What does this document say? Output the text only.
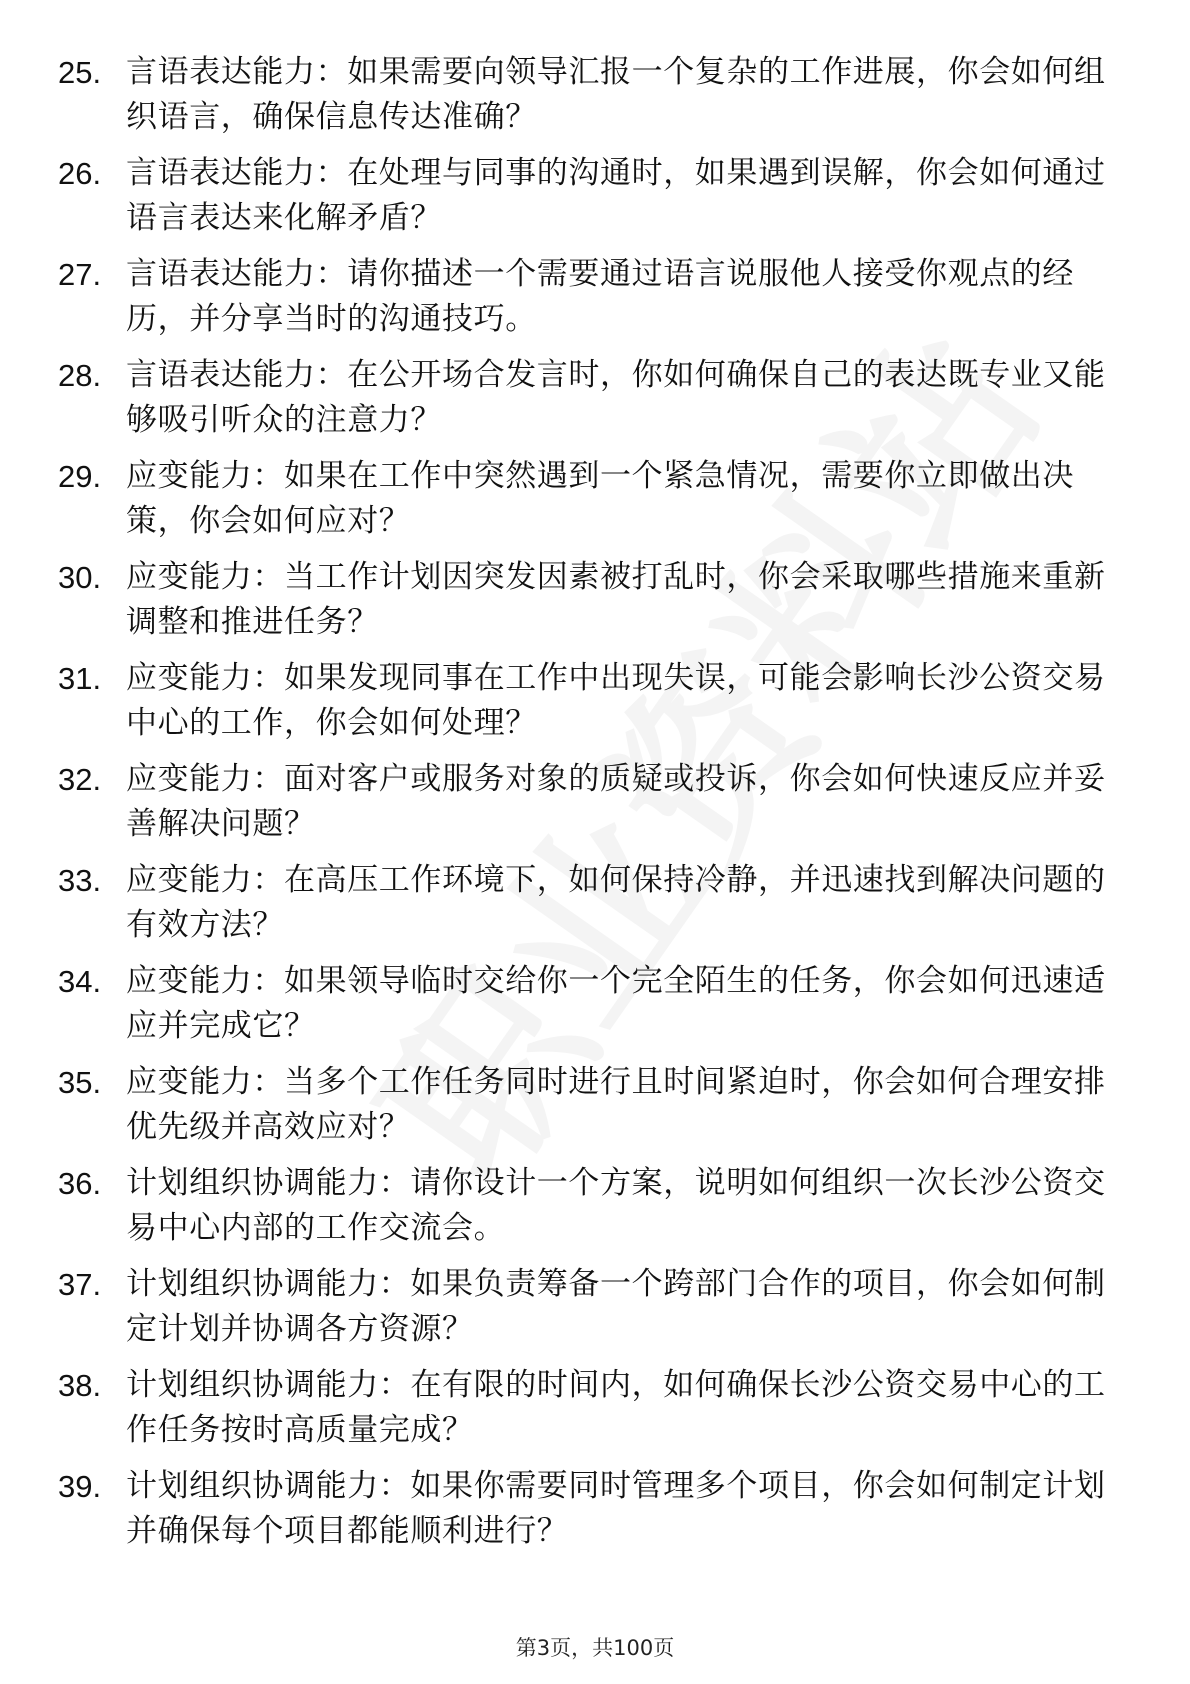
25. 言语表达能力：如果需要向领导汇报一个复杂的工作进展，你会如何组织语言，确保信息传达准确？
26. 言语表达能力：在处理与同事的沟通时，如果遇到误解，你会如何通过语言表达来化解矛盾？
27. 言语表达能力：请你描述一个需要通过语言说服他人接受你观点的经历，并分享当时的沟通技巧。
28. 言语表达能力：在公开场合发言时，你如何确保自己的表达既专业又能够吸引听众的注意力？
29. 应变能力：如果在工作中突然遇到一个紧急情况，需要你立即做出决策，你会如何应对？
30. 应变能力：当工作计划因突发因素被打乱时，你会采取哪些措施来重新调整和推进任务？
31. 应变能力：如果发现同事在工作中出现失误，可能会影响长沙公资交易中心的工作，你会如何处理？
32. 应变能力：面对客户或服务对象的质疑或投诉，你会如何快速反应并妥善解决问题？
33. 应变能力：在高压工作环境下，如何保持冷静，并迅速找到解决问题的有效方法？
34. 应变能力：如果领导临时交给你一个完全陌生的任务，你会如何迅速适应并完成它？
35. 应变能力：当多个工作任务同时进行且时间紧迫时，你会如何合理安排优先级并高效应对？
36. 计划组织协调能力：请你设计一个方案，说明如何组织一次长沙公资交易中心内部的工作交流会。
37. 计划组织协调能力：如果负责筹备一个跨部门合作的项目，你会如何制定计划并协调各方资源？
38. 计划组织协调能力：在有限的时间内，如何确保长沙公资交易中心的工作任务按时高质量完成？
39. 计划组织协调能力：如果你需要同时管理多个项目，你会如何制定计划并确保每个项目都能顺利进行？
第3页，共100页
